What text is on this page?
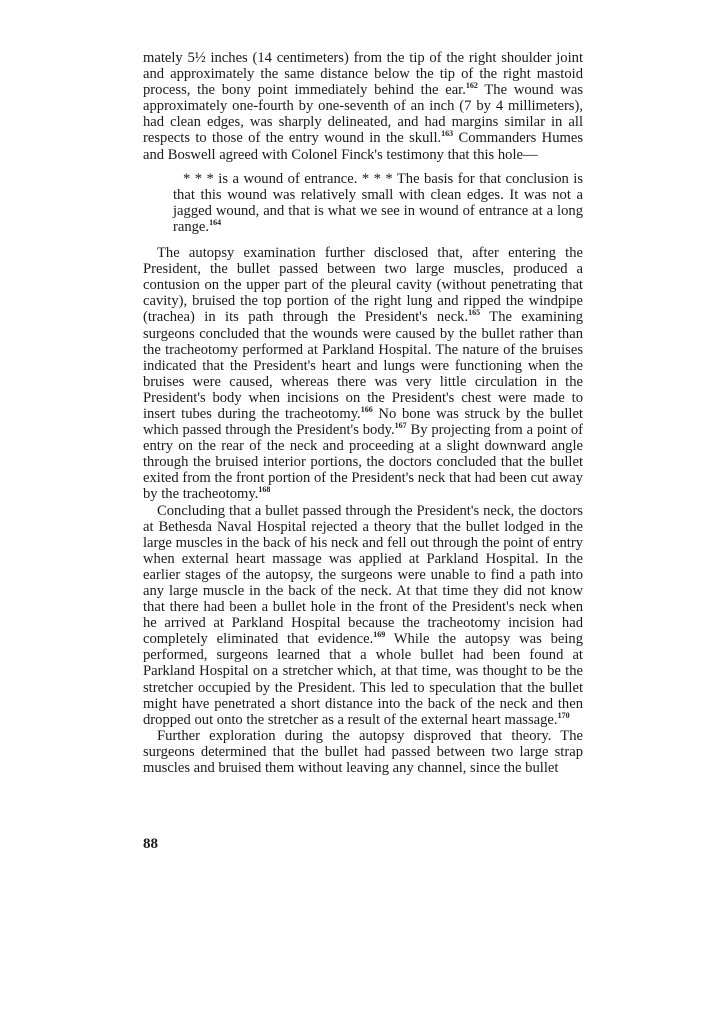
mately 5½ inches (14 centimeters) from the tip of the right shoulder joint and approximately the same distance below the tip of the right mastoid process, the bony point immediately behind the ear.$^{162}$ The wound was approximately one-fourth by one-seventh of an inch (7 by 4 millimeters), had clean edges, was sharply delineated, and had margins similar in all respects to those of the entry wound in the skull.$^{163}$ Commanders Humes and Boswell agreed with Colonel Finck's testimony that this hole—

* * * is a wound of entrance. * * * The basis for that conclusion is that this wound was relatively small with clean edges. It was not a jagged wound, and that is what we see in wound of entrance at a long range.$^{164}$

The autopsy examination further disclosed that, after entering the President, the bullet passed between two large muscles, produced a contusion on the upper part of the pleural cavity (without penetrating that cavity), bruised the top portion of the right lung and ripped the windpipe (trachea) in its path through the President's neck.$^{165}$ The examining surgeons concluded that the wounds were caused by the bullet rather than the tracheotomy performed at Parkland Hospital. The nature of the bruises indicated that the President's heart and lungs were functioning when the bruises were caused, whereas there was very little circulation in the President's body when incisions on the President's chest were made to insert tubes during the tracheotomy.$^{166}$ No bone was struck by the bullet which passed through the President's body.$^{167}$ By projecting from a point of entry on the rear of the neck and proceeding at a slight downward angle through the bruised interior portions, the doctors concluded that the bullet exited from the front portion of the President's neck that had been cut away by the tracheotomy.$^{168}$

Concluding that a bullet passed through the President's neck, the doctors at Bethesda Naval Hospital rejected a theory that the bullet lodged in the large muscles in the back of his neck and fell out through the point of entry when external heart massage was applied at Parkland Hospital. In the earlier stages of the autopsy, the surgeons were unable to find a path into any large muscle in the back of the neck. At that time they did not know that there had been a bullet hole in the front of the President's neck when he arrived at Parkland Hospital because the tracheotomy incision had completely eliminated that evidence.$^{169}$ While the autopsy was being performed, surgeons learned that a whole bullet had been found at Parkland Hospital on a stretcher which, at that time, was thought to be the stretcher occupied by the President. This led to speculation that the bullet might have penetrated a short distance into the back of the neck and then dropped out onto the stretcher as a result of the external heart massage.$^{170}$

Further exploration during the autopsy disproved that theory. The surgeons determined that the bullet had passed between two large strap muscles and bruised them without leaving any channel, since the bullet

88
